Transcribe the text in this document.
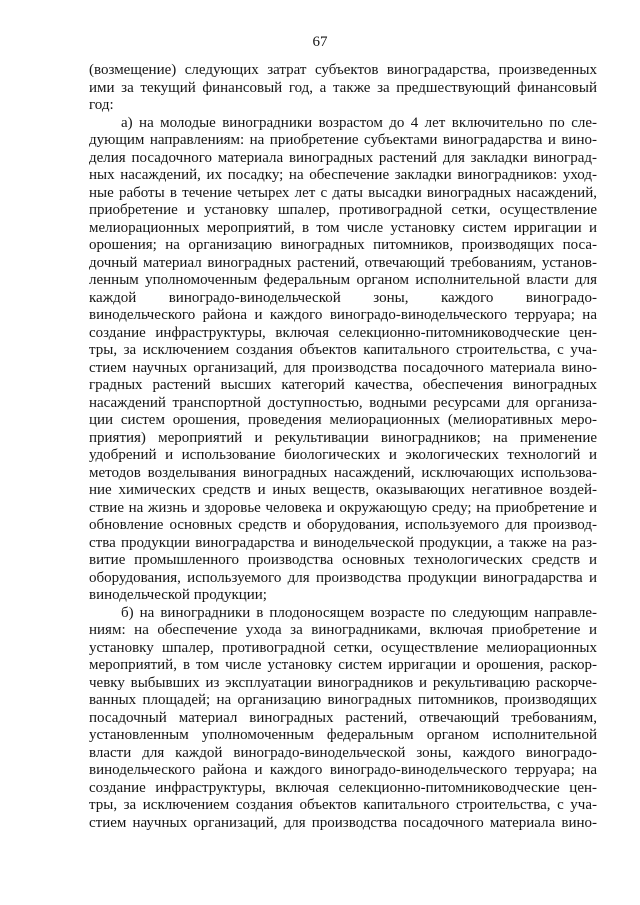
67
(возмещение) следующих затрат субъектов виноградарства, произведенных
ими за текущий финансовый год, а также за предшествующий финансовый
год:
а) на молодые виноградники возрастом до 4 лет включительно по сле-
дующим направлениям: на приобретение субъектами виноградарства и вино-
делия посадочного материала виноградных растений для закладки виноград-
ных насаждений, их посадку; на обеспечение закладки виноградников: уход-
ные работы в течение четырех лет с даты высадки виноградных насаждений,
приобретение и установку шпалер, противоградной сетки, осуществление
мелиорационных мероприятий, в том числе установку систем ирригации и
орошения; на организацию виноградных питомников, производящих поса-
дочный материал виноградных растений, отвечающий требованиям, установ-
ленным уполномоченным федеральным органом исполнительной власти для
каждой виноградо-винодельческой зоны, каждого виноградо-
винодельческого района и каждого виноградо-винодельческого терруара; на
создание инфраструктуры, включая селекционно-питомниководческие цен-
тры, за исключением создания объектов капитального строительства, с уча-
стием научных организаций, для производства посадочного материала вино-
градных растений высших категорий качества, обеспечения виноградных
насаждений транспортной доступностью, водными ресурсами для организа-
ции систем орошения, проведения мелиорационных (мелиоративных меро-
приятия) мероприятий и рекультивации виноградников; на применение
удобрений и использование биологических и экологических технологий и
методов возделывания виноградных насаждений, исключающих использова-
ние химических средств и иных веществ, оказывающих негативное воздей-
ствие на жизнь и здоровье человека и окружающую среду; на приобретение и
обновление основных средств и оборудования, используемого для производ-
ства продукции виноградарства и винодельческой продукции, а также на раз-
витие промышленного производства основных технологических средств и
оборудования, используемого для производства продукции виноградарства и
винодельческой продукции;
б) на виноградники в плодоносящем возрасте по следующим направле-
ниям: на обеспечение ухода за виноградниками, включая приобретение и
установку шпалер, противоградной сетки, осуществление мелиорационных
мероприятий, в том числе установку систем ирригации и орошения, раскор-
чевку выбывших из эксплуатации виноградников и рекультивацию раскорче-
ванных площадей; на организацию виноградных питомников, производящих
посадочный материал виноградных растений, отвечающий требованиям,
установленным уполномоченным федеральным органом исполнительной
власти для каждой виноградо-винодельческой зоны, каждого виноградо-
винодельческого района и каждого виноградо-винодельческого терруара; на
создание инфраструктуры, включая селекционно-питомниководческие цен-
тры, за исключением создания объектов капитального строительства, с уча-
стием научных организаций, для производства посадочного материала вино-
